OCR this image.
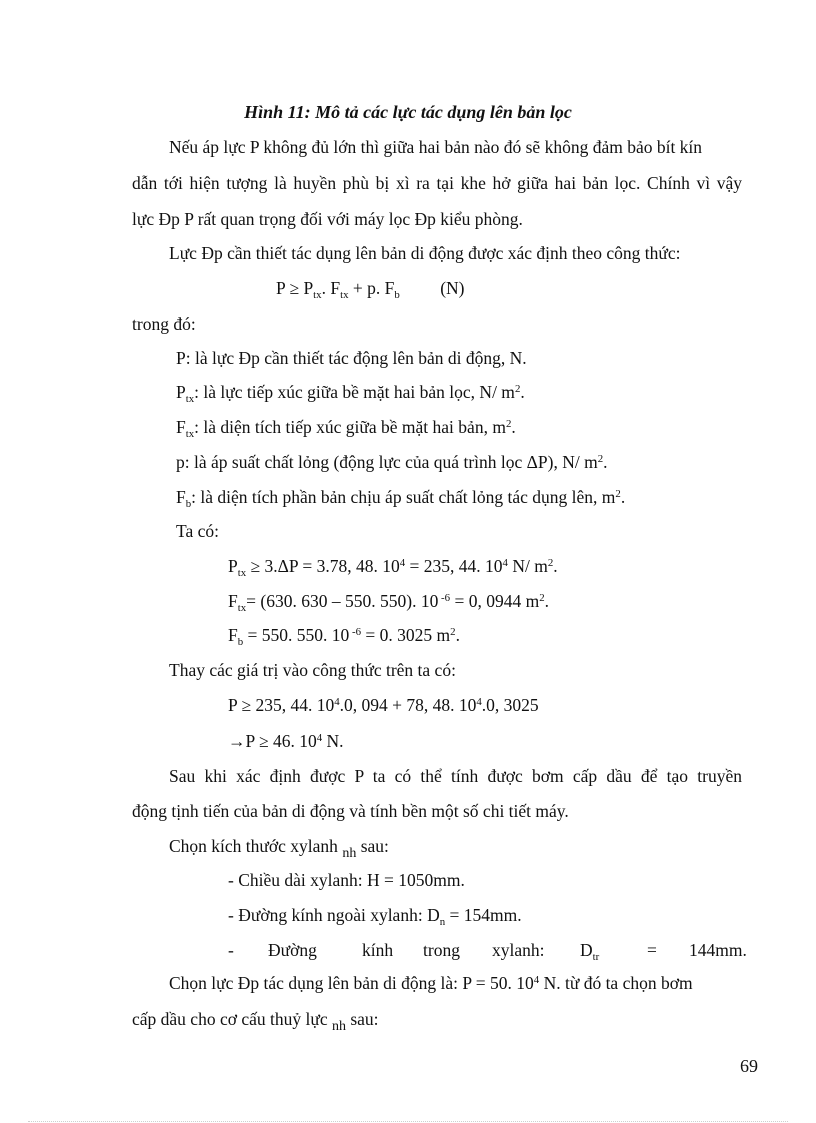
Hình 11: Mô tả các lực tác dụng lên bản lọc
Nếu áp lực P không đủ lớn thì giữa hai bản nào đó sẽ không đảm bảo bít kín
dẫn tới hiện tượng là huyền phù bị xì ra tại khe hở giữa hai bản lọc. Chính vì vậy
lực Đp P rất quan trọng đối với máy lọc Đp kiểu phòng.
Lực Đp cần thiết tác dụng lên bản di động được xác định theo công thức:
$P \ge P_{tx}$. $F_{tx} + p$. $F_b$ (N)
trong đó:
P: là lực Đp cần thiết tác động lên bản di động, N.
$P_{tx}$: là lực tiếp xúc giữa bề mặt hai bản lọc, N/ $m^2$.
$F_{tx}$: là diện tích tiếp xúc giữa bề mặt hai bản, $m^2$.
p: là áp suất chất lỏng (động lực của quá trình lọc ΔP), N/ $m^2$.
$F_b$: là diện tích phần bản chịu áp suất chất lỏng tác dụng lên, $m^2$.
Ta có:
$P_{tx} \ge 3.\Delta P = 3.78$, 48. $10^4 = 235$, 44. $10^4$ N/ $m^2$.
$F_{tx}= (630$. 630 – 550. 550). 10 $^{-6}$ = 0, 0944 $m^2$.
$F_b = 550$. 550. 10 $^{-6}$ = 0. 3025 $m^2$.
Thay các giá trị vào công thức trên ta có:
P ≥ 235, 44. $10^4.0$, 094 + 78, 48. $10^4.0$, 3025
→P ≥ 46. $10^4$ N.
Sau khi xác định được P ta có thể tính được bơm cấp dầu để tạo truyền
động tịnh tiến của bản di động và tính bền một số chi tiết máy.
Chọn kích thước xylanh $_{nh}$ sau:
- Chiều dài xylanh: H = 1050mm.
- Đường kính ngoài xylanh: $D_n = 154mm$.
- Đường	kính trong xylanh: $D_{tr}$	= 144mm.
Chọn lực Đp tác dụng lên bản di động là: P = 50. $10^4$ N. từ đó ta chọn bơm
cấp dầu cho cơ cấu thuỷ lực $_{nh}$ sau:
69
